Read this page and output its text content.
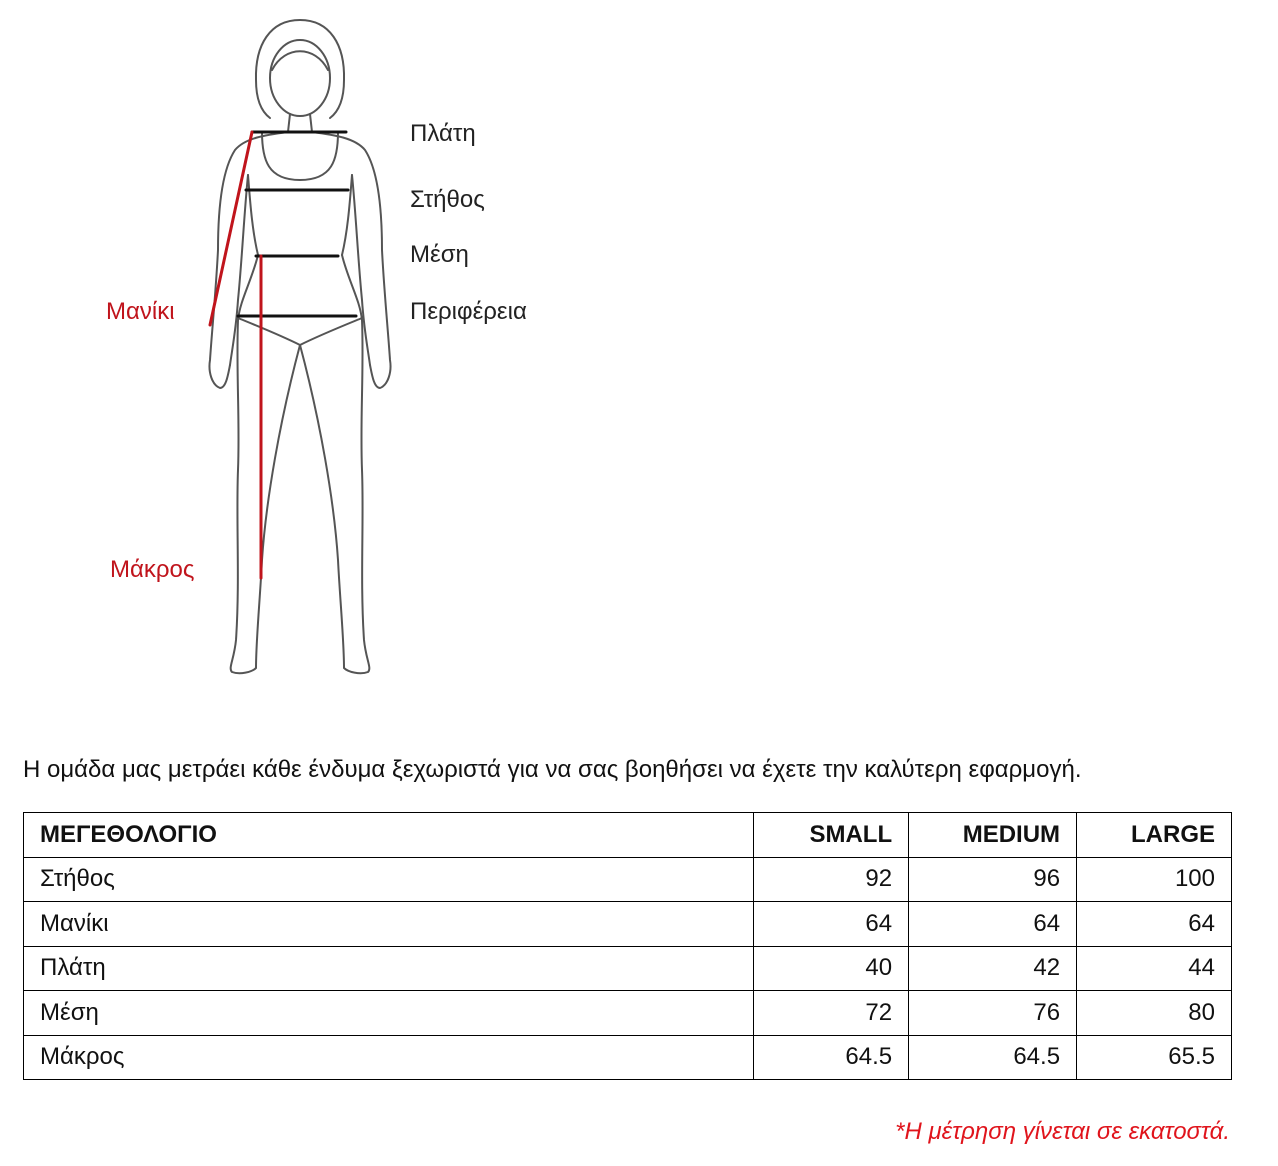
Πλάτη
Στήθος
Μέση
Περιφέρεια
Μανίκι
Μάκρος
Η ομάδα μας μετράει κάθε ένδυμα ξεχωριστά για να σας βοηθήσει να έχετε την καλύτερη εφαρμογή.
ΜΕΓΕΘΟΛΟΓΙΟ	SMALL	MEDIUM	LARGE
Στήθος	92	96	100
Μανίκι	64	64	64
Πλάτη	40	42	44
Μέση	72	76	80
Μάκρος	64.5	64.5	65.5
*Η μέτρηση γίνεται σε εκατοστά.
